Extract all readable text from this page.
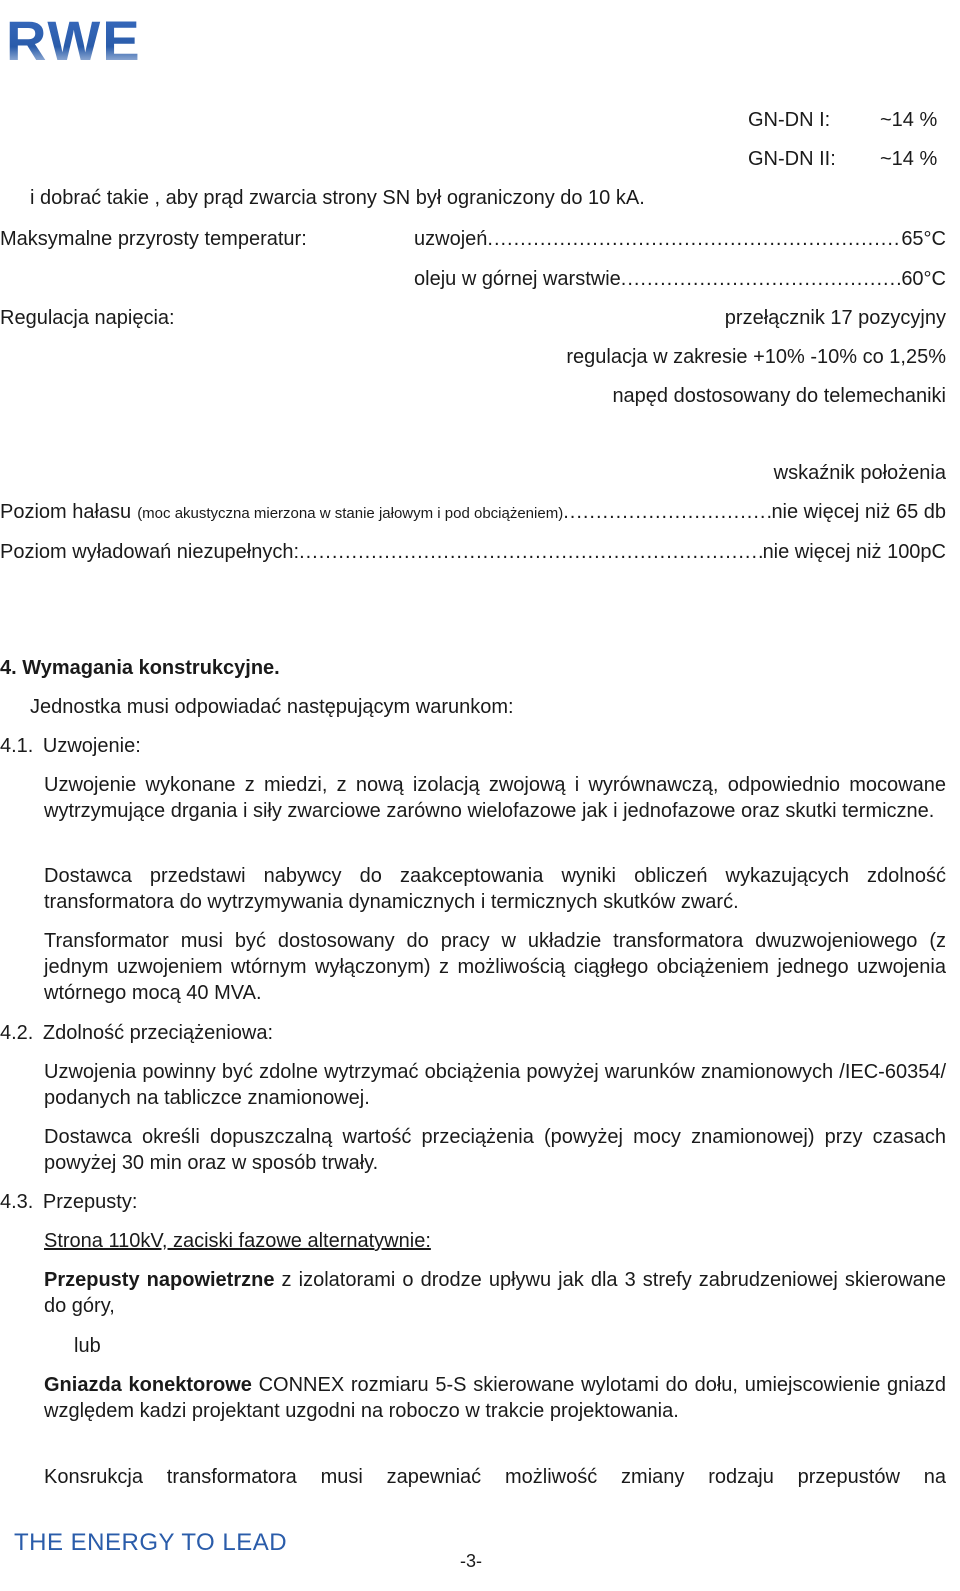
RWE
GN-DN I: ~14 %
GN-DN II: ~14 %
i dobrać takie , aby prąd zwarcia strony SN był ograniczony do 10 kA.
Maksymalne przyrosty temperatur:	uzwojeń .....	65°C
oleju w górnej warstwie .....	60°C
Regulacja napięcia:	przełącznik 17 pozycyjny
regulacja w zakresie +10% -10% co 1,25%
napęd dostosowany do telemechaniki
wskaźnik położenia
Poziom hałasu (moc akustyczna mierzona w stanie jałowym i pod obciążeniem) .....	nie więcej niż 65 db
Poziom wyładowań niezupełnych: .....	nie więcej niż 100pC
4. Wymagania konstrukcyjne.
Jednostka musi odpowiadać następującym warunkom:
4.1. Uzwojenie:
Uzwojenie wykonane z miedzi, z nową izolacją zwojową i wyrównawczą, odpowiednio mocowane wytrzymujące drgania i siły zwarciowe zarówno wielofazowe jak i jednofazowe oraz skutki termiczne.
Dostawca przedstawi nabywcy do zaakceptowania wyniki obliczeń wykazujących zdolność transformatora do wytrzymywania dynamicznych i termicznych skutków zwarć.
Transformator musi być dostosowany do pracy w układzie transformatora dwuzwojeniowego (z jednym uzwojeniem wtórnym wyłączonym) z możliwością ciągłego obciążeniem jednego uzwojenia wtórnego mocą 40 MVA.
4.2. Zdolność przeciążeniowa:
Uzwojenia powinny być zdolne wytrzymać obciążenia powyżej warunków znamionowych /IEC-60354/ podanych na tabliczce znamionowej.
Dostawca określi dopuszczalną wartość przeciążenia (powyżej mocy znamionowej) przy czasach powyżej 30 min oraz w sposób trwały.
4.3. Przepusty:
Strona 110kV, zaciski fazowe alternatywnie:
Przepusty napowietrzne z izolatorami o drodze upływu jak dla 3 strefy zabrudzeniowej skierowane do góry,
lub
Gniazda konektorowe CONNEX rozmiaru 5-S skierowane wylotami do dołu, umiejscowienie gniazd względem kadzi projektant uzgodni na roboczo w trakcie projektowania.
Konsrukcja transformatora musi zapewniać możliwość zmiany rodzaju przepustów na
THE ENERGY TO LEAD
-3-
